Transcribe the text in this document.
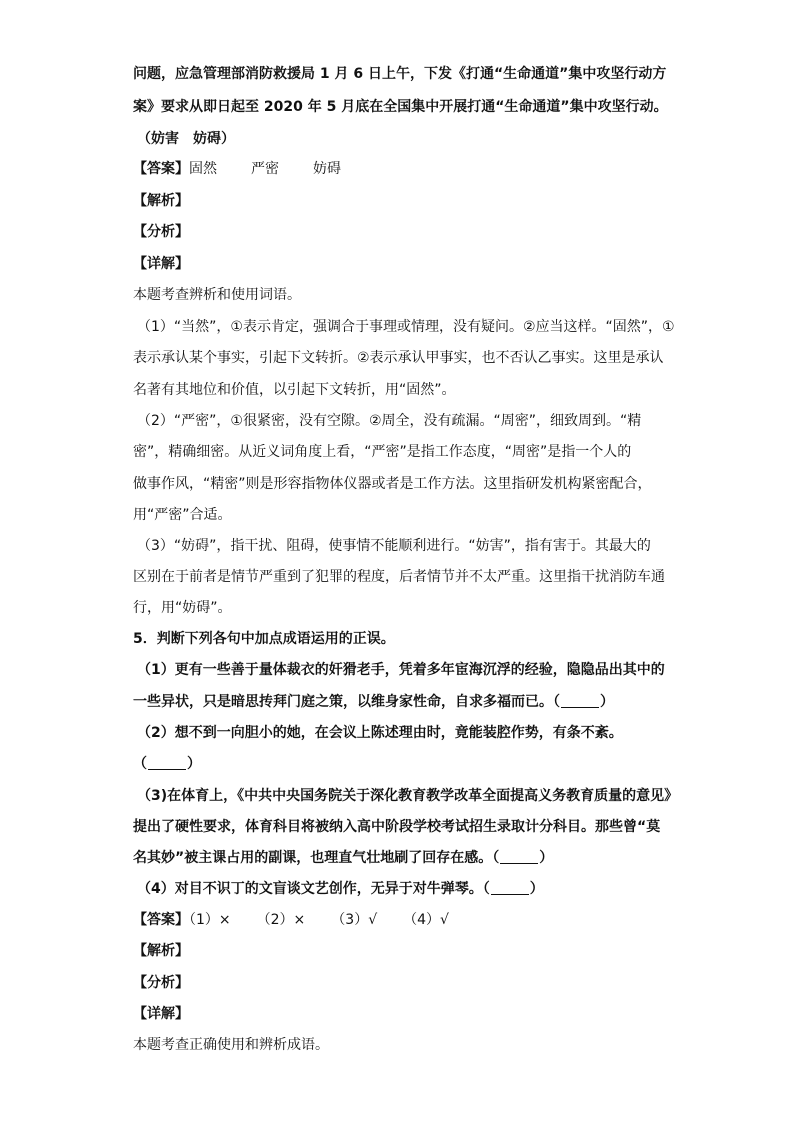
问题，应急管理部消防救援局 1 月 6 日上午，下发《打通“生命通道”集中攻坚行动方
案》要求从即日起至 2020 年 5 月底在全国集中开展打通“生命通道”集中攻坚行动。
（妨害　妨碍）
【答案】固然 严密 妨碍
【解析】
【分析】
【详解】
本题考查辨析和使用词语。
（1）“当然”，①表示肯定，强调合于事理或情理，没有疑问。②应当这样。“固然”，①
表示承认某个事实，引起下文转折。②表示承认甲事实，也不否认乙事实。这里是承认
名著有其地位和价值，以引起下文转折，用“固然”。
（2）“严密”，①很紧密，没有空隙。②周全，没有疏漏。“周密”，细致周到。“精
密”，精确细密。从近义词角度上看，“严密”是指工作态度，“周密”是指一个人的
做事作风，“精密”则是形容指物体仪器或者是工作方法。这里指研发机构紧密配合，
用“严密”合适。
（3）“妨碍”，指干扰、阻碍，使事情不能顺利进行。“妨害”，指有害于。其最大的
区别在于前者是情节严重到了犯罪的程度，后者情节并不太严重。这里指干扰消防车通
行，用“妨碍”。
5．判断下列各句中加点成语运用的正误。
（1）更有一些善于量体裁衣的奸猾老手，凭着多年宦海沉浮的经验，隐隐品出其中的
一些异状，只是暗思抟拜门庭之策，以维身家性命，自求多福而已。（	）
（2）想不到一向胆小的她，在会议上陈述理由时，竟能装腔作势，有条不紊。
（	）
（3)在体育上，《中共中央国务院关于深化教育教学改革全面提高义务教育质量的意见》
提出了硬性要求，体育科目将被纳入高中阶段学校考试招生录取计分科目。那些曾“莫
名其妙”被主课占用的副课，也理直气壮地刷了回存在感。（	）
（4）对目不识丁的文盲谈文艺创作，无异于对牛弹琴。（	）
【答案】（1）× （2）× （3）√ （4）√
【解析】
【分析】
【详解】
本题考查正确使用和辨析成语。
